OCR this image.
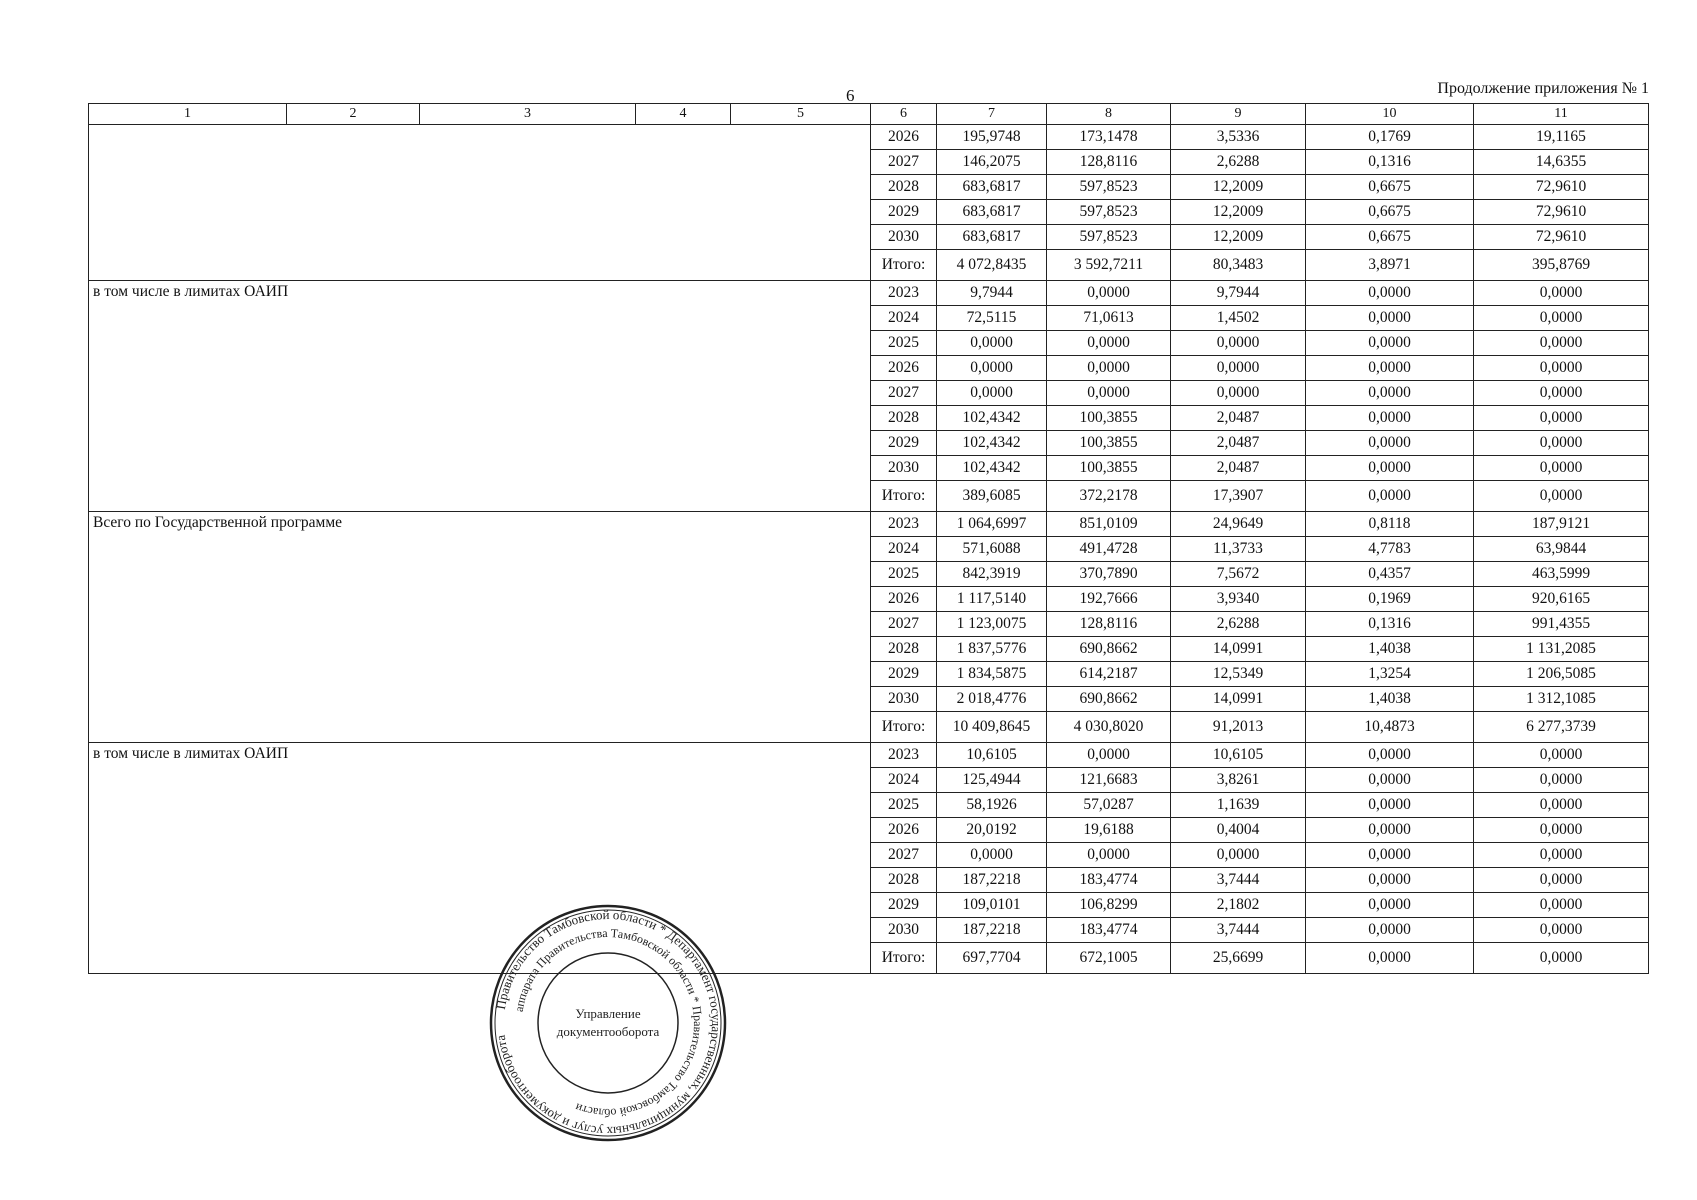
6	Продолжение приложения № 1
1	2	3	4	5	6	7	8	9	10	11
					2026	195,9748	173,1478	3,5336	0,1769	19,1165
					2027	146,2075	128,8116	2,6288	0,1316	14,6355
					2028	683,6817	597,8523	12,2009	0,6675	72,9610
					2029	683,6817	597,8523	12,2009	0,6675	72,9610
					2030	683,6817	597,8523	12,2009	0,6675	72,9610
					Итого:	4 072,8435	3 592,7211	80,3483	3,8971	395,8769
в том числе в лимитах ОАИП					2023	9,7944	0,0000	9,7944	0,0000	0,0000
					2024	72,5115	71,0613	1,4502	0,0000	0,0000
					2025	0,0000	0,0000	0,0000	0,0000	0,0000
					2026	0,0000	0,0000	0,0000	0,0000	0,0000
					2027	0,0000	0,0000	0,0000	0,0000	0,0000
					2028	102,4342	100,3855	2,0487	0,0000	0,0000
					2029	102,4342	100,3855	2,0487	0,0000	0,0000
					2030	102,4342	100,3855	2,0487	0,0000	0,0000
					Итого:	389,6085	372,2178	17,3907	0,0000	0,0000
Всего по Государственной программе					2023	1 064,6997	851,0109	24,9649	0,8118	187,9121
					2024	571,6088	491,4728	11,3733	4,7783	63,9844
					2025	842,3919	370,7890	7,5672	0,4357	463,5999
					2026	1 117,5140	192,7666	3,9340	0,1969	920,6165
					2027	1 123,0075	128,8116	2,6288	0,1316	991,4355
					2028	1 837,5776	690,8662	14,0991	1,4038	1 131,2085
					2029	1 834,5875	614,2187	12,5349	1,3254	1 206,5085
					2030	2 018,4776	690,8662	14,0991	1,4038	1 312,1085
					Итого:	10 409,8645	4 030,8020	91,2013	10,4873	6 277,3739
в том числе в лимитах ОАИП					2023	10,6105	0,0000	10,6105	0,0000	0,0000
					2024	125,4944	121,6683	3,8261	0,0000	0,0000
					2025	58,1926	57,0287	1,1639	0,0000	0,0000
					2026	20,0192	19,6188	0,4004	0,0000	0,0000
					2027	0,0000	0,0000	0,0000	0,0000	0,0000
					2028	187,2218	183,4774	3,7444	0,0000	0,0000
					2029	109,0101	106,8299	2,1802	0,0000	0,0000
					2030	187,2218	183,4774	3,7444	0,0000	0,0000
					Итого:	697,7704	672,1005	25,6699	0,0000	0,0000
Правительство Тамбовской области * Департамент государственных, муниципальных услуг и документооборота
аппарата Правительства Тамбовской области * Правительство Тамбовской области
Управление
документооборота
